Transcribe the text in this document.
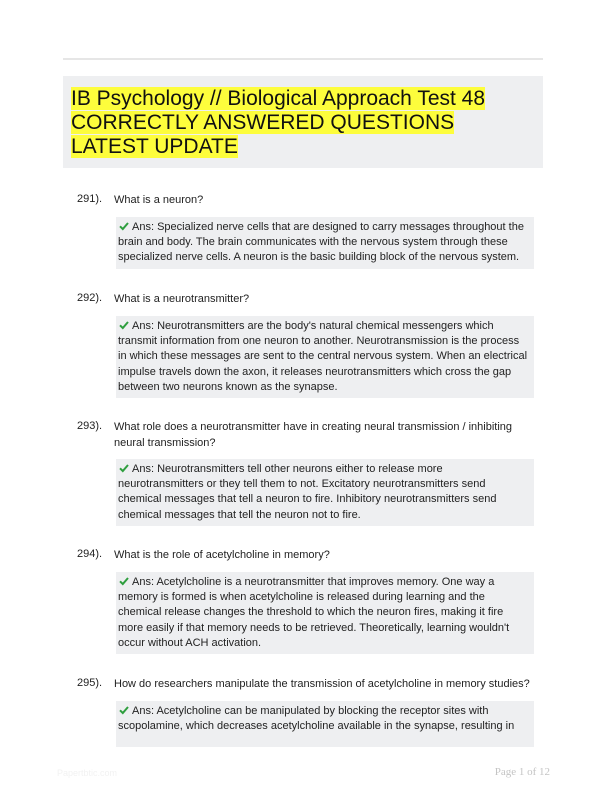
IB Psychology // Biological Approach Test 48 CORRECTLY ANSWERED QUESTIONS LATEST UPDATE
291). What is a neuron?
Ans: Specialized nerve cells that are designed to carry messages throughout the brain and body. The brain communicates with the nervous system through these specialized nerve cells. A neuron is the basic building block of the nervous system.
292). What is a neurotransmitter?
Ans: Neurotransmitters are the body's natural chemical messengers which transmit information from one neuron to another. Neurotransmission is the process in which these messages are sent to the central nervous system. When an electrical impulse travels down the axon, it releases neurotransmitters which cross the gap between two neurons known as the synapse.
293). What role does a neurotransmitter have in creating neural transmission / inhibiting neural transmission?
Ans: Neurotransmitters tell other neurons either to release more neurotransmitters or they tell them to not. Excitatory neurotransmitters send chemical messages that tell a neuron to fire. Inhibitory neurotransmitters send chemical messages that tell the neuron not to fire.
294). What is the role of acetylcholine in memory?
Ans: Acetylcholine is a neurotransmitter that improves memory. One way a memory is formed is when acetylcholine is released during learning and the chemical release changes the threshold to which the neuron fires, making it fire more easily if that memory needs to be retrieved. Theoretically, learning wouldn't occur without ACH activation.
295). How do researchers manipulate the transmission of acetylcholine in memory studies?
Ans: Acetylcholine can be manipulated by blocking the receptor sites with scopolamine, which decreases acetylcholine available in the synapse, resulting in
Papertbtic.com	Page 1 of 12
